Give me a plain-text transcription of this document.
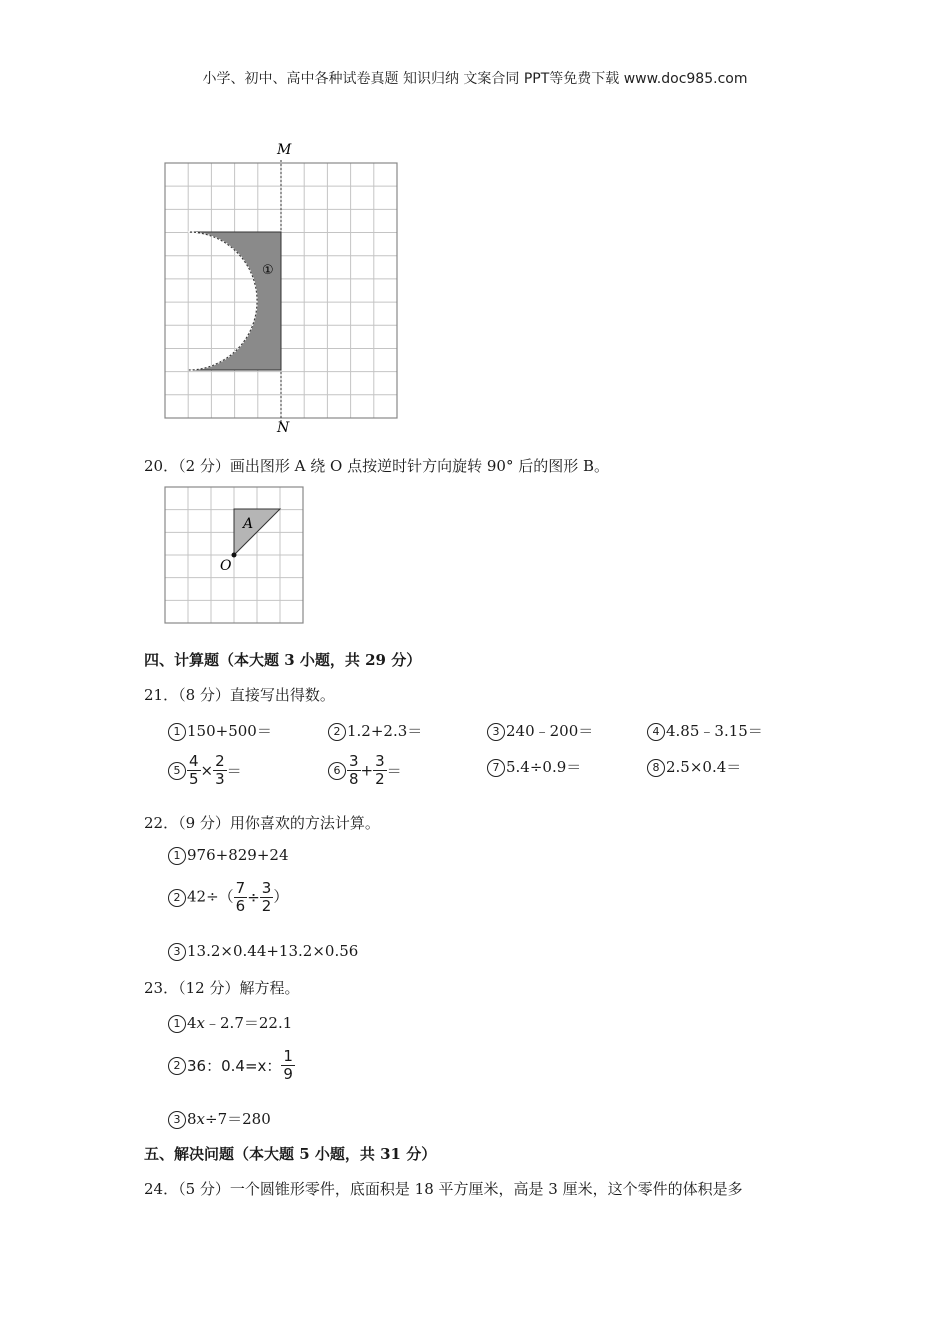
小学、初中、高中各种试卷真题 知识归纳 文案合同 PPT等免费下载 www.doc985.com
M
N
①
20．（2 分）画出图形 A 绕 O 点按逆时针方向旋转 90° 后的图形 B。
A
O
四、计算题（本大题 3 小题，共 29 分）
21．（8 分）直接写出得数。
1 150+500＝	2 1.2+2.3＝	3 240﹣200＝	4 4.85﹣3.15＝
$5 \frac{4}{5} \times \frac{2}{3}$ ＝	$6 \frac{3}{8} + \frac{3}{2}$ ＝	7 5.4÷0.9＝	8 2.5×0.4＝
22．（9 分）用你喜欢的方法计算。
1 976+829+24
2 $42\div( \frac{7}{6} \div \frac{3}{2}$ ）
3 13.2×0.44+13.2×0.56
23．（12 分）解方程。
1 4x﹣2.7＝22.1
2 36：0.4=x： $\frac{1}{9}$
3 8x÷7＝280
五、解决问题（本大题 5 小题，共 31 分）
24．（5 分）一个圆锥形零件，底面积是 18 平方厘米，高是 3 厘米，这个零件的体积是多
